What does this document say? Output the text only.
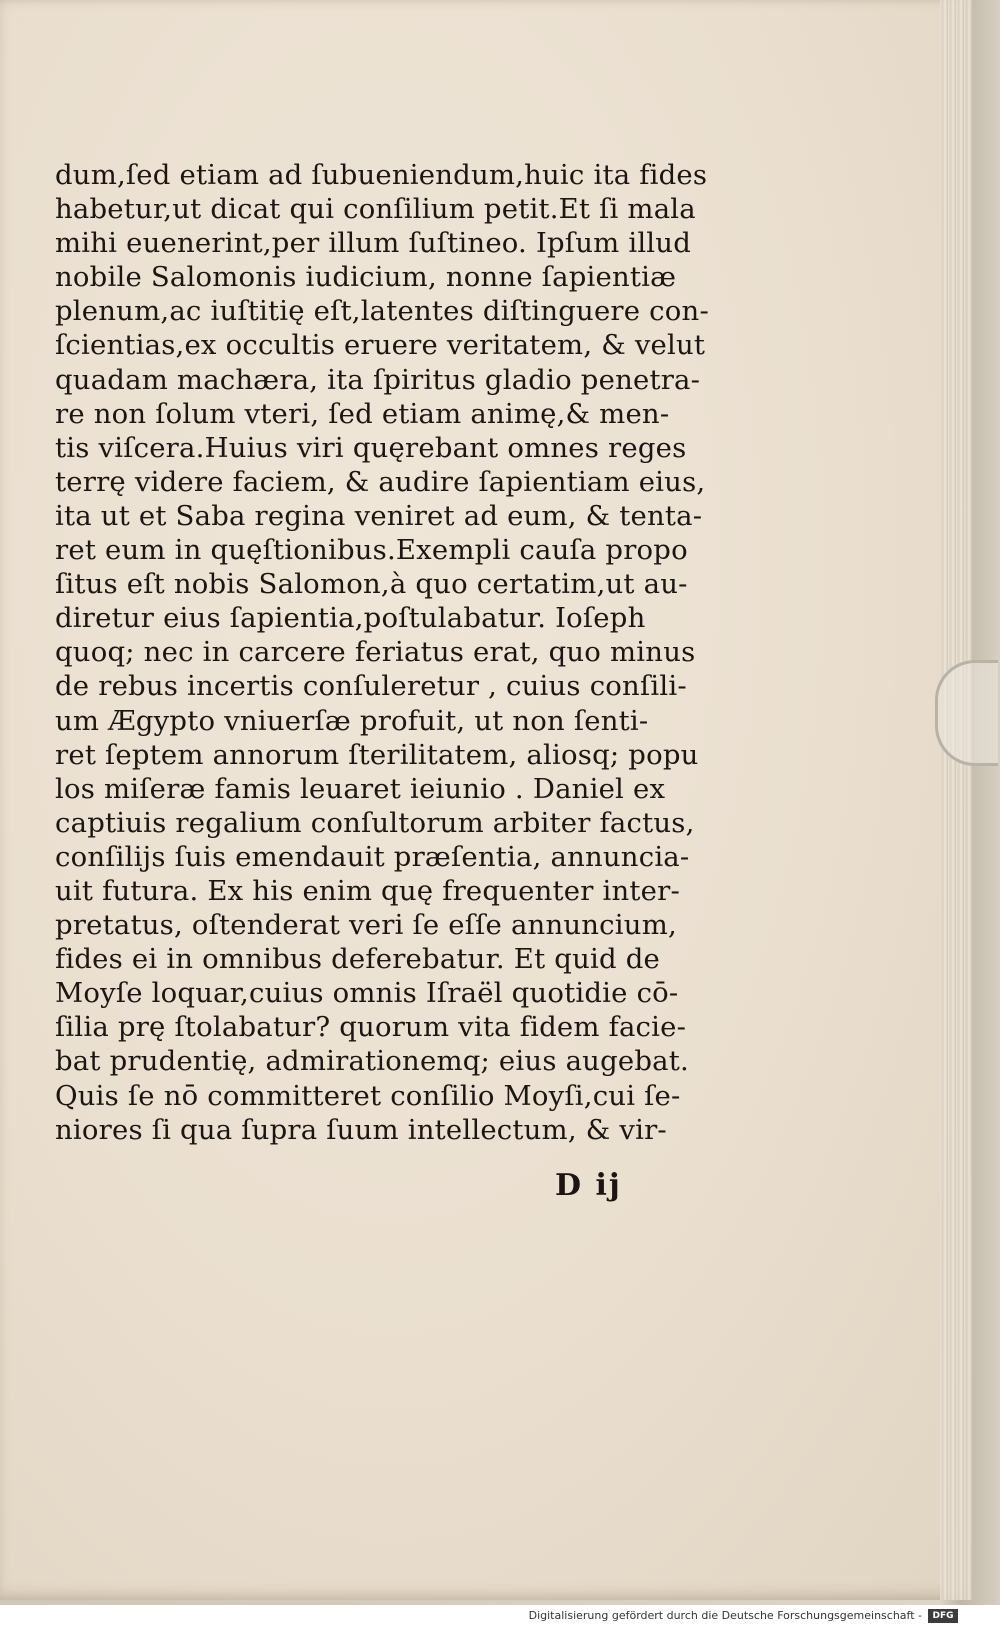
dum,ſed etiam ad ſubueniendum,huic ita fides
habetur,ut dicat qui conſilium petit.Et ſi mala
mihi euenerint,per illum ſuſtineo. Ipſum illud
nobile Salomonis iudicium, nonne ſapientiæ
plenum,ac iuſtitię eſt,latentes diſtinguere con-
ſcientias,ex occultis eruere veritatem, & velut
quadam machæra, ita ſpiritus gladio penetra-
re non ſolum vteri, ſed etiam animę,& men-
tis viſcera.Huius viri quęrebant omnes reges
terrę videre faciem, & audire ſapientiam eius,
ita ut et Saba regina veniret ad eum, & tenta-
ret eum in quęſtionibus.Exempli cauſa propo
ſitus eſt nobis Salomon,à quo certatim,ut au-
diretur eius ſapientia,poſtulabatur. Ioſeph
quoq; nec in carcere feriatus erat, quo minus
de rebus incertis conſuleretur , cuius conſili-
um Ægypto vniuerſæ profuit, ut non ſenti-
ret ſeptem annorum ſterilitatem, aliosq; popu
los miſeræ famis leuaret ieiunio . Daniel ex
captiuis regalium conſultorum arbiter factus,
conſilijs ſuis emendauit præſentia, annuncia-
uit futura. Ex his enim quę frequenter inter-
pretatus, oſtenderat veri ſe eſſe annuncium,
fides ei in omnibus deferebatur. Et quid de
Moyſe loquar,cuius omnis Iſraël quotidie cō-
ſilia prę ſtolabatur? quorum vita fidem facie-
bat prudentię, admirationemq; eius augebat.
Quis ſe nō committeret conſilio Moyſi,cui ſe-
niores ſi qua ſupra ſuum intellectum, & vir-
D ij
Digitalisierung gefördert durch die Deutsche Forschungsgemeinschaft -	DFG
